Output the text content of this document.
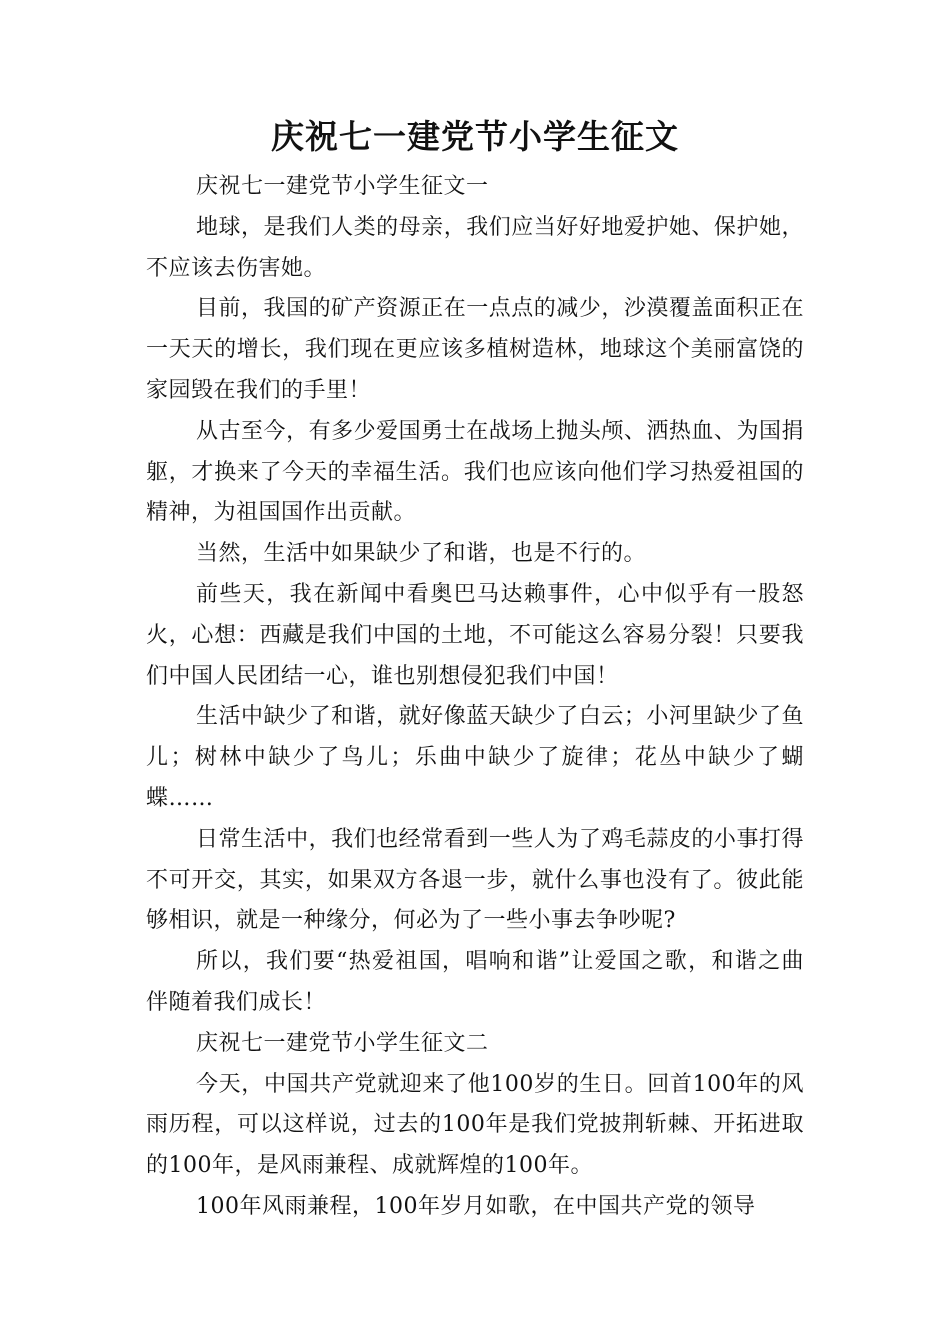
庆祝七一建党节小学生征文

庆祝七一建党节小学生征文一

地球，是我们人类的母亲，我们应当好好地爱护她、保护她，不应该去伤害她。

目前，我国的矿产资源正在一点点的减少，沙漠覆盖面积正在一天天的增长，我们现在更应该多植树造林，地球这个美丽富饶的家园毁在我们的手里！

从古至今，有多少爱国勇士在战场上抛头颅、洒热血、为国捐躯，才换来了今天的幸福生活。我们也应该向他们学习热爱祖国的精神，为祖国国作出贡献。

当然，生活中如果缺少了和谐，也是不行的。

前些天，我在新闻中看奥巴马达赖事件，心中似乎有一股怒火，心想：西藏是我们中国的土地，不可能这么容易分裂！只要我们中国人民团结一心，谁也别想侵犯我们中国！

生活中缺少了和谐，就好像蓝天缺少了白云；小河里缺少了鱼儿；树林中缺少了鸟儿；乐曲中缺少了旋律；花丛中缺少了蝴蝶……

日常生活中，我们也经常看到一些人为了鸡毛蒜皮的小事打得不可开交，其实，如果双方各退一步，就什么事也没有了。彼此能够相识，就是一种缘分，何必为了一些小事去争吵呢?

所以，我们要“热爱祖国，唱响和谐”让爱国之歌，和谐之曲伴随着我们成长！

庆祝七一建党节小学生征文二

今天，中国共产党就迎来了他100岁的生日。回首100年的风雨历程，可以这样说，过去的100年是我们党披荆斩棘、开拓进取的100年，是风雨兼程、成就辉煌的100年。

100年风雨兼程，100年岁月如歌，在中国共产党的领导
